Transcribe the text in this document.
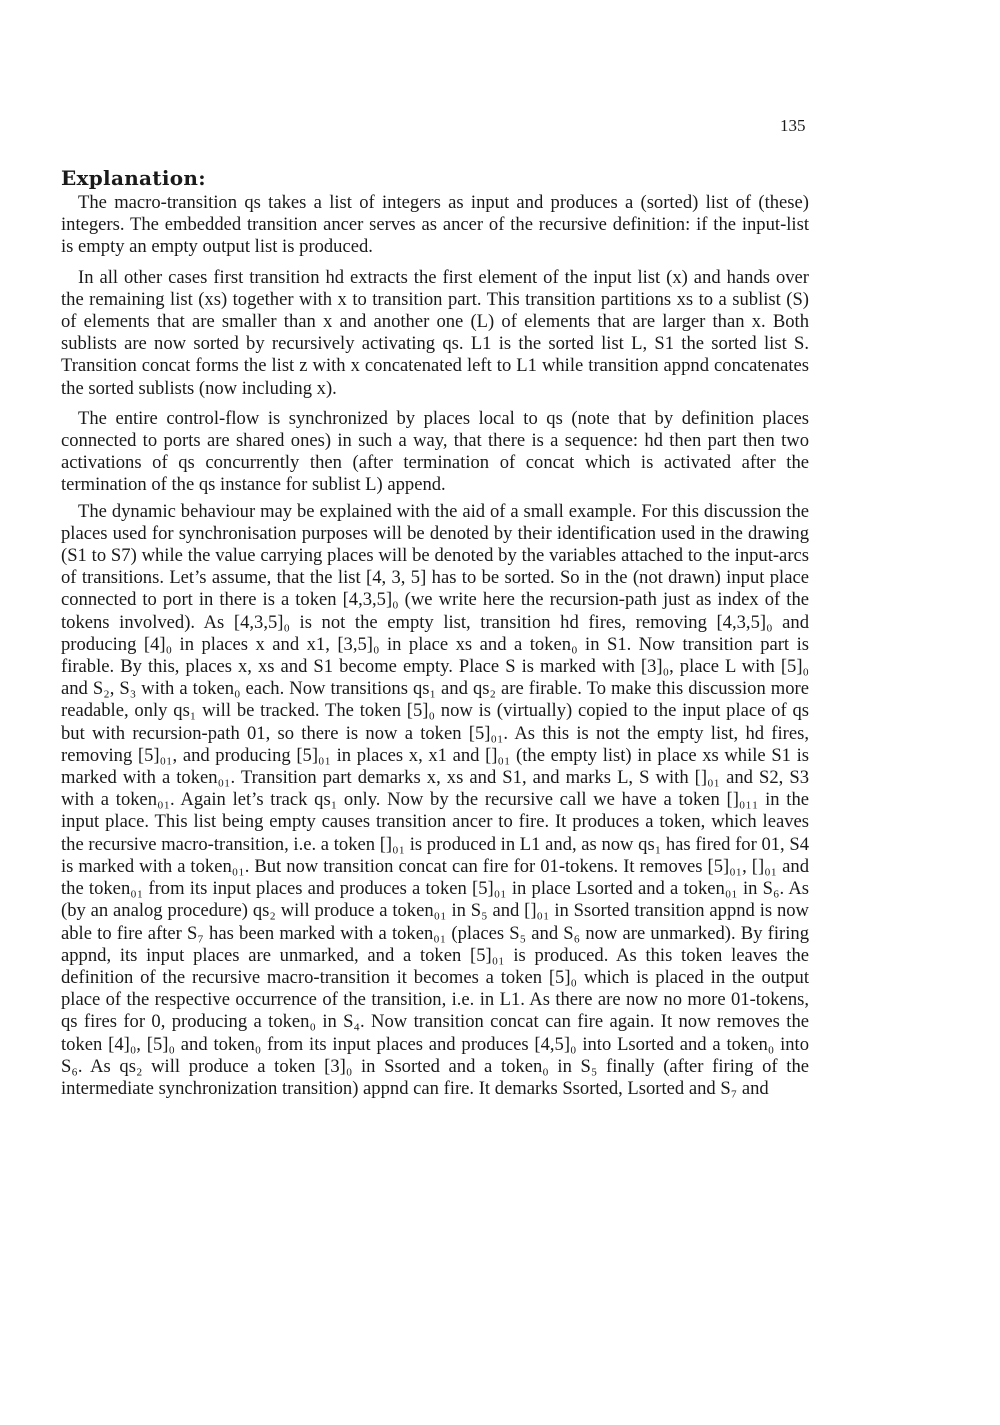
135
Explanation:

The macro-transition qs takes a list of integers as input and produces a (sorted) list of (these) integers. The embedded transition ancer serves as ancer of the recursive definition: if the input-list is empty an empty output list is produced.

In all other cases first transition hd extracts the first element of the input list (x) and hands over the remaining list (xs) together with x to transition part. This transition partitions xs to a sublist (S) of elements that are smaller than x and another one (L) of elements that are larger than x. Both sublists are now sorted by recursively activating qs. L1 is the sorted list L, S1 the sorted list S. Transition concat forms the list z with x concatenated left to L1 while transition appnd concatenates the sorted sublists (now including x).

The entire control-flow is synchronized by places local to qs (note that by definition places connected to ports are shared ones) in such a way, that there is a sequence: hd then part then two activations of qs concurrently then (after termination of concat which is activated after the termination of the qs instance for sublist L) append.

The dynamic behaviour may be explained with the aid of a small example. For this discussion the places used for synchronisation purposes will be denoted by their identification used in the drawing (S1 to S7) while the value carrying places will be denoted by the variables attached to the input-arcs of transitions. Let’s assume, that the list [4, 3, 5] has to be sorted. So in the (not drawn) input place connected to port in there is a token [4,3,5]₀ (we write here the recursion-path just as index of the tokens involved). As [4,3,5]₀ is not the empty list, transition hd fires, removing [4,3,5]₀ and producing [4]₀ in places x and x1, [3,5]₀ in place xs and a token₀ in S1. Now transition part is firable. By this, places x, xs and S1 become empty. Place S is marked with [3]₀, place L with [5]₀ and S₂, S₃ with a token₀ each. Now transitions qs₁ and qs₂ are firable. To make this discussion more readable, only qs₁ will be tracked. The token [5]₀ now is (virtually) copied to the input place of qs but with recursion-path 01, so there is now a token [5]₀₁. As this is not the empty list, hd fires, removing [5]₀₁, and producing [5]₀₁ in places x, x1 and []₀₁ (the empty list) in place xs while S1 is marked with a token₀₁. Transition part demarks x, xs and S1, and marks L, S with []₀₁ and S2, S3 with a token₀₁. Again let’s track qs₁ only. Now by the recursive call we have a token []₀₁₁ in the input place. This list being empty causes transition ancer to fire. It produces a token, which leaves the recursive macro-transition, i.e. a token []₀₁ is produced in L1 and, as now qs₁ has fired for 01, S4 is marked with a token₀₁. But now transition concat can fire for 01-tokens. It removes [5]₀₁, []₀₁ and the token₀₁ from its input places and produces a token [5]₀₁ in place Lsorted and a token₀₁ in S₆. As (by an analog procedure) qs₂ will produce a token₀₁ in S₅ and []₀₁ in Ssorted transition appnd is now able to fire after S₇ has been marked with a token₀₁ (places S₅ and S₆ now are unmarked). By firing appnd, its input places are unmarked, and a token [5]₀₁ is produced. As this token leaves the definition of the recursive macro-transition it becomes a token [5]₀ which is placed in the output place of the respective occurrence of the transition, i.e. in L1. As there are now no more 01-tokens, qs fires for 0, producing a token₀ in S₄. Now transition concat can fire again. It now removes the token [4]₀, [5]₀ and token₀ from its input places and produces [4,5]₀ into Lsorted and a token₀ into S₆. As qs₂ will produce a token [3]₀ in Ssorted and a token₀ in S₅ finally (after firing of the intermediate synchronization transition) appnd can fire. It demarks Ssorted, Lsorted and S₇ and
